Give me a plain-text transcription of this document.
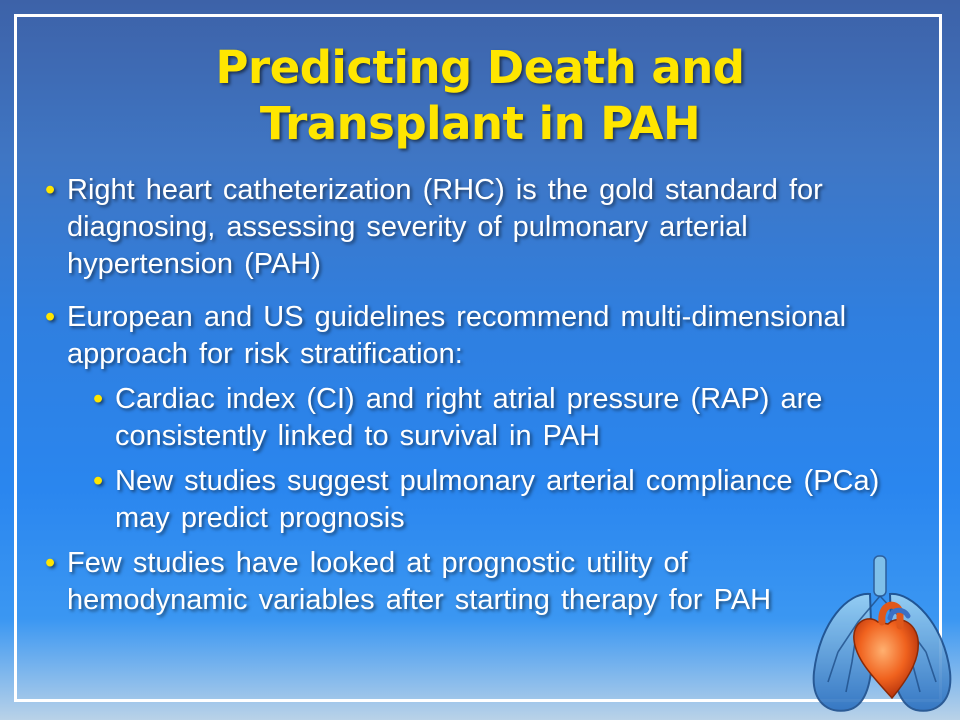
Predicting Death and
Transplant in PAH

• Right heart catheterization (RHC) is the gold standard for diagnosing, assessing severity of pulmonary arterial hypertension (PAH)

• European and US guidelines recommend multi-dimensional approach for risk stratification:

• Cardiac index (CI) and right atrial pressure (RAP) are consistently linked to survival in PAH

• New studies suggest pulmonary arterial compliance (PCa) may predict prognosis

• Few studies have looked at prognostic utility of hemodynamic variables after starting therapy for PAH
